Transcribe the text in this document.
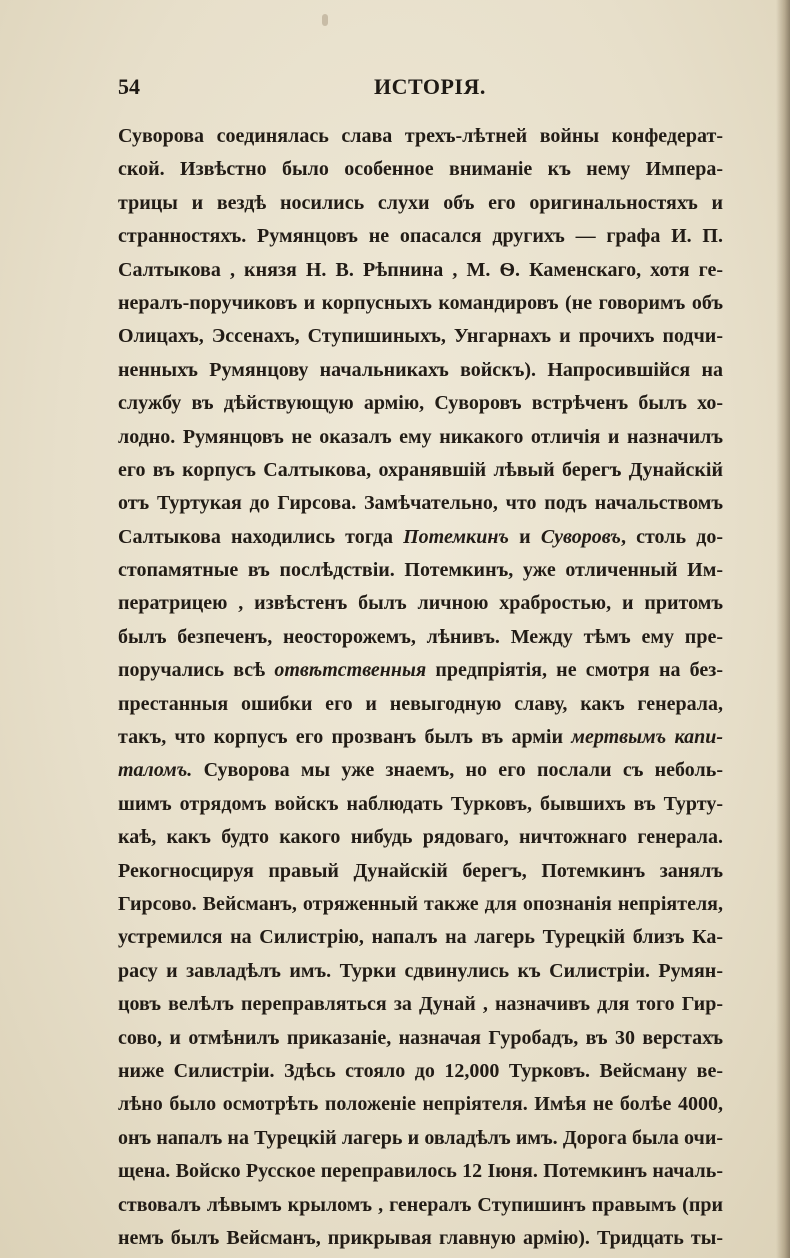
54	ИСТОРІЯ.
Суворова соединялась слава трехъ-лѣтней войны конфедерат-
ской. Извѣстно было особенное вниманіе къ нему Импера-
трицы и вездѣ носились слухи объ его оригинальностяхъ и
странностяхъ. Румянцовъ не опасался другихъ — графа И. П.
Салтыкова , князя Н. В. Рѣпнина , М. Ѳ. Каменскаго, хотя ге-
нералъ-поручиковъ и корпусныхъ командировъ (не говоримъ объ
Олицахъ, Эссенахъ, Ступишиныхъ, Унгарнахъ и прочихъ подчи-
ненныхъ Румянцову начальникахъ войскъ). Напросившійся на
службу въ дѣйствующую армію, Суворовъ встрѣченъ былъ хо-
лодно. Румянцовъ не оказалъ ему никакого отличія и назначилъ
его въ корпусъ Салтыкова, охранявшій лѣвый берегъ Дунайскій
отъ Туртукая до Гирсова. Замѣчательно, что подъ начальствомъ
Салтыкова находились тогда Потемкинъ и Суворовъ, столь до-
стопамятные въ послѣдствіи. Потемкинъ, уже отличенный Им-
ператрицею , извѣстенъ былъ личною храбростью, и притомъ
былъ безпеченъ, неосторожемъ, лѣнивъ. Между тѣмъ ему пре-
поручались всѣ отвѣтственныя предпріятія, не смотря на без-
престанныя ошибки его и невыгодную славу, какъ генерала,
такъ, что корпусъ его прозванъ былъ въ арміи мертвымъ капи-
таломъ. Суворова мы уже знаемъ, но его послали съ неболь-
шимъ отрядомъ войскъ наблюдать Турковъ, бывшихъ въ Турту-
каѣ, какъ будто какого нибудь рядоваго, ничтожнаго генерала.
Рекогносцируя правый Дунайскій берегъ, Потемкинъ занялъ
Гирсово. Вейсманъ, отряженный также для опознанія непріятеля,
устремился на Силистрію, напалъ на лагерь Турецкій близъ Ка-
расу и завладѣлъ имъ. Турки сдвинулись къ Силистріи. Румян-
цовъ велѣлъ переправляться за Дунай , назначивъ для того Гир-
сово, и отмѣнилъ приказаніе, назначая Гуробадъ, въ 30 верстахъ
ниже Силистріи. Здѣсь стояло до 12,000 Турковъ. Вейсману ве-
лѣно было осмотрѣть положеніе непріятеля. Имѣя не болѣе 4000,
онъ напалъ на Турецкій лагерь и овладѣлъ имъ. Дорога была очи-
щена. Войско Русское переправилось 12 Іюня. Потемкинъ началь-
ствовалъ лѣвымъ крыломъ , генералъ Ступишинъ правымъ (при
немъ былъ Вейсманъ, прикрывая главную армію). Тридцать ты-
